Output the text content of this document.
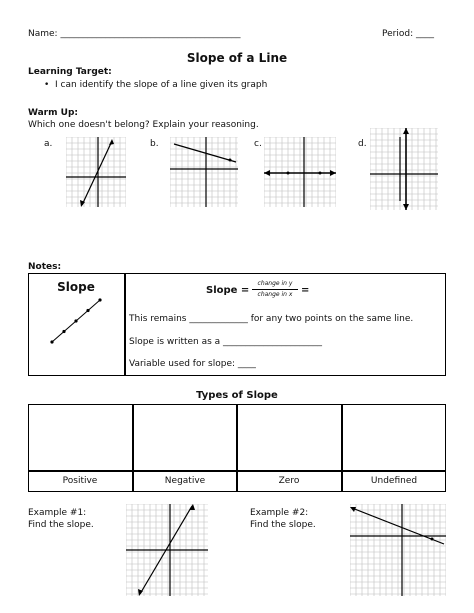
Name: ________________________________________	Period: ____
Slope of a Line
Learning Target:
• I can identify the slope of a line given its graph
Warm Up:
Which one doesn't belong? Explain your reasoning.
a.	b.	c.	d.
Notes:
Slope	Slope =
change in y
change in x =
This remains _____________ for any two points on the same line.
Slope is written as a ______________________
Variable used for slope: ____
Types of Slope
Positive	Negative	Zero	Undefined
Example #1:
Find the slope.
Example #2:
Find the slope.
